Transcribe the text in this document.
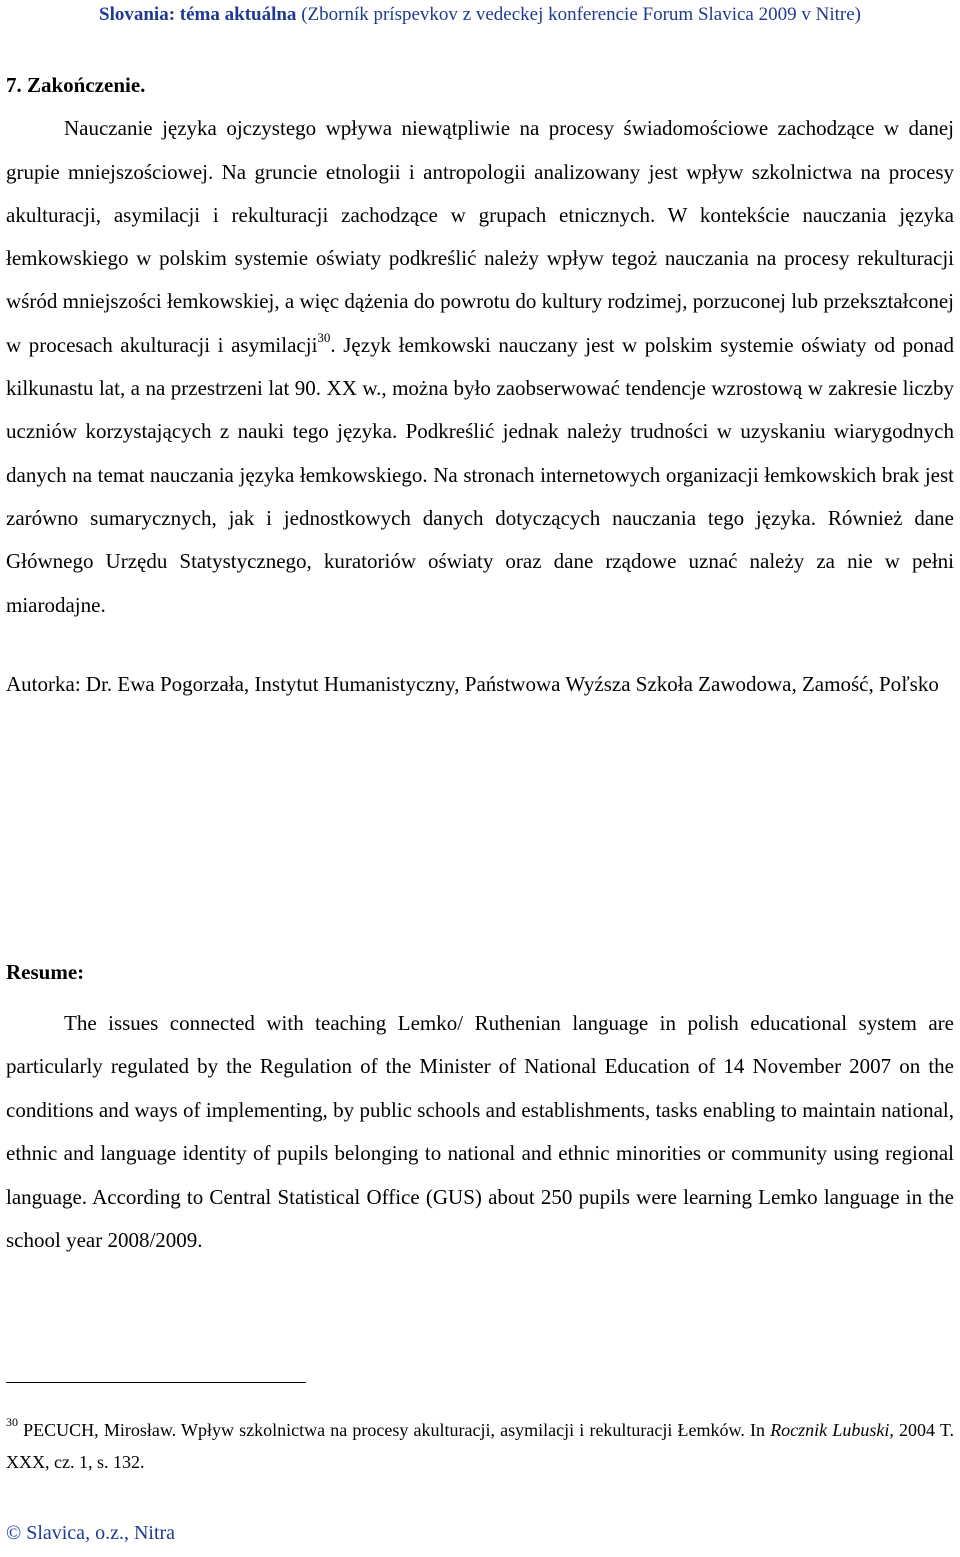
Slovania: téma aktuálna (Zborník príspevkov z vedeckej konferencie Forum Slavica 2009 v Nitre)

7. Zakończenie.

Nauczanie języka ojczystego wpływa niewątpliwie na procesy świadomościowe zachodzące w danej grupie mniejszościowej. Na gruncie etnologii i antropologii analizowany jest wpływ szkolnictwa na procesy akulturacji, asymilacji i rekulturacji zachodzące w grupach etnicznych. W kontekście nauczania języka łemkowskiego w polskim systemie oświaty podkreślić należy wpływ tegoż nauczania na procesy rekulturacji wśród mniejszości łemkowskiej, a więc dążenia do powrotu do kultury rodzimej, porzuconej lub przekształconej w procesach akulturacji i asymilacji$^{30}$. Język łemkowski nauczany jest w polskim systemie oświaty od ponad kilkunastu lat, a na przestrzeni lat 90. XX w., można było zaobserwować tendencje wzrostową w zakresie liczby uczniów korzystających z nauki tego języka. Podkreślić jednak należy trudności w uzyskaniu wiarygodnych danych na temat nauczania języka łemkowskiego. Na stronach internetowych organizacji łemkowskich brak jest zarówno sumarycznych, jak i jednostkowych danych dotyczących nauczania tego języka. Również dane Głównego Urzędu Statystycznego, kuratoriów oświaty oraz dane rządowe uznać należy za nie w pełni miarodajne.

Autorka: Dr. Ewa Pogorzała, Instytut Humanistyczny, Państwowa Wyźsza Szkoła Zawodowa, Zamość, Poľsko

Resume:

The issues connected with teaching Lemko/ Ruthenian language in polish educational system are particularly regulated by the Regulation of the Minister of National Education of 14 November 2007 on the conditions and ways of implementing, by public schools and establishments, tasks enabling to maintain national, ethnic and language identity of pupils belonging to national and ethnic minorities or community using regional language. According to Central Statistical Office (GUS) about 250 pupils were learning Lemko language in the school year 2008/2009.

$^{30}$ PECUCH, Mirosław. Wpływ szkolnictwa na procesy akulturacji, asymilacji i rekulturacji Łemków. In Rocznik Lubuski, 2004 T. XXX, cz. 1, s. 132.
© Slavica, o.z., Nitra
